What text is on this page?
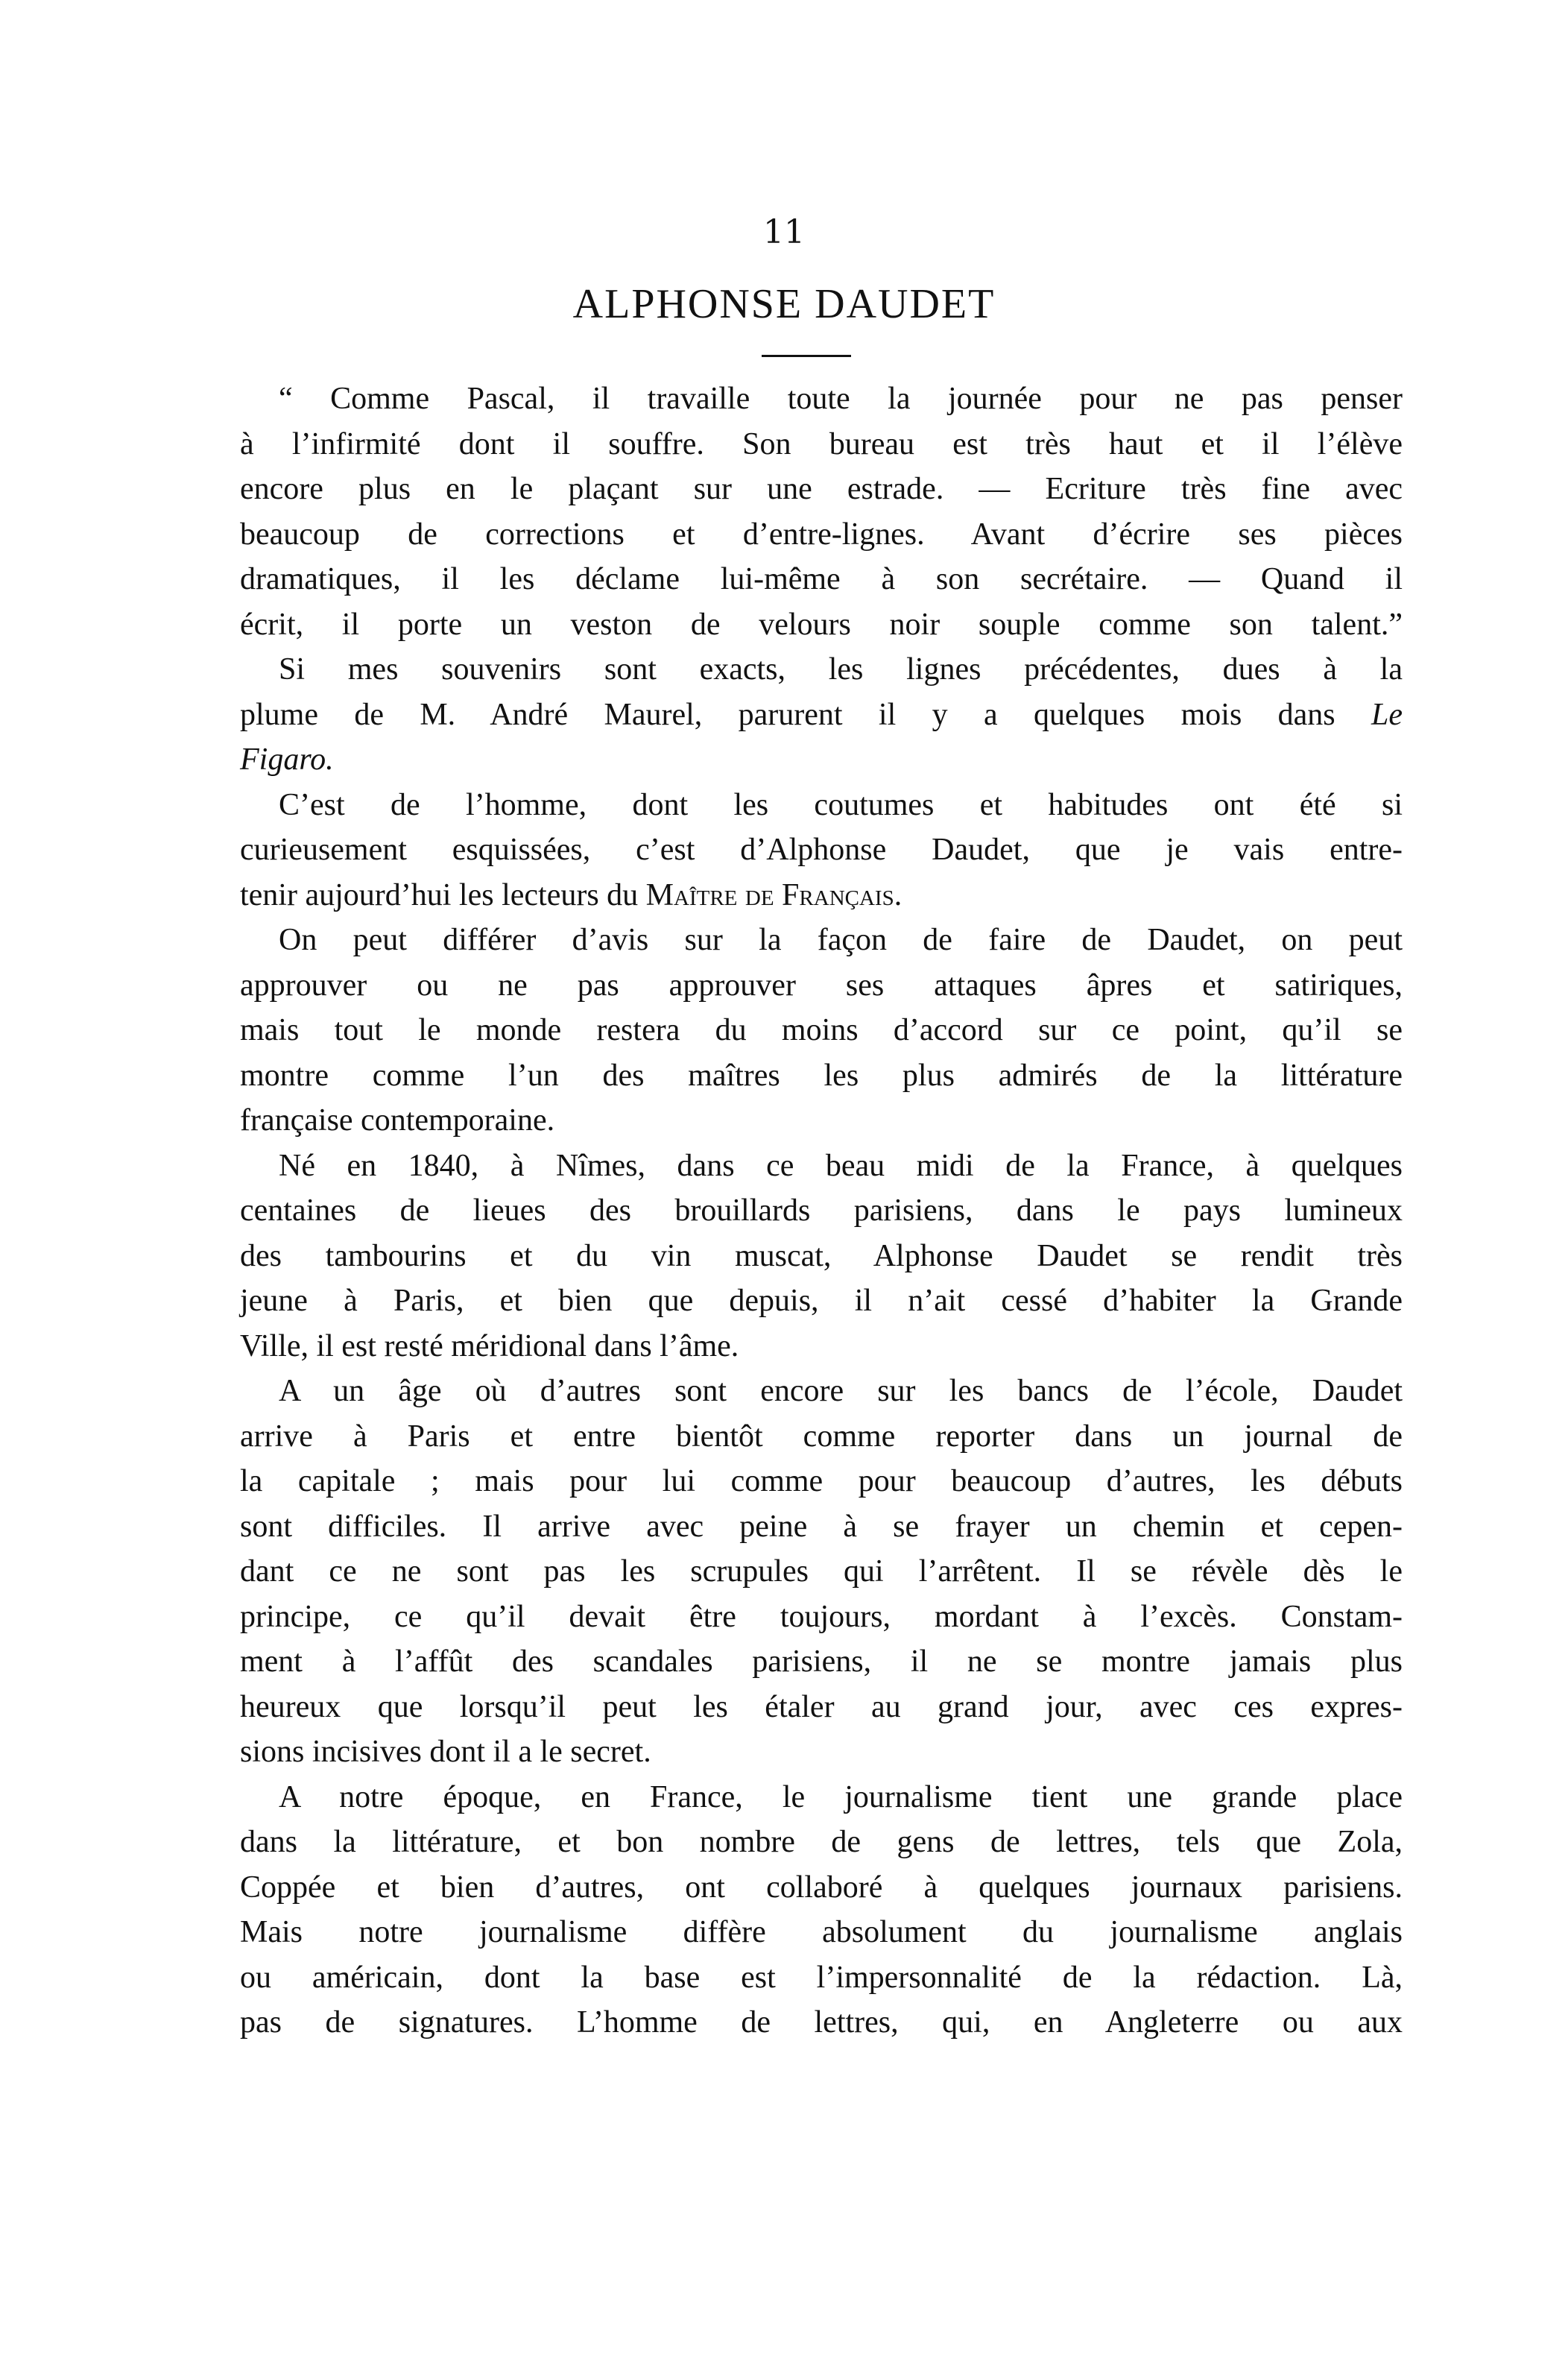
11
ALPHONSE DAUDET
“ Comme Pascal, il travaille toute la journée pour ne pas penser
à l’infirmité dont il souffre. Son bureau est très haut et il l’élève
encore plus en le plaçant sur une estrade. — Ecriture très fine avec
beaucoup de corrections et d’entre-lignes. Avant d’écrire ses pièces
dramatiques, il les déclame lui-même à son secrétaire. — Quand il
écrit, il porte un veston de velours noir souple comme son talent.”
Si mes souvenirs sont exacts, les lignes précédentes, dues à la
plume de M. André Maurel, parurent il y a quelques mois dans Le
Figaro.
C’est de l’homme, dont les coutumes et habitudes ont été si
curieusement esquissées, c’est d’Alphonse Daudet, que je vais entre-
tenir aujourd’hui les lecteurs du Maître de Français.
On peut différer d’avis sur la façon de faire de Daudet, on peut
approuver ou ne pas approuver ses attaques âpres et satiriques,
mais tout le monde restera du moins d’accord sur ce point, qu’il se
montre comme l’un des maîtres les plus admirés de la littérature
française contemporaine.
Né en 1840, à Nîmes, dans ce beau midi de la France, à quelques
centaines de lieues des brouillards parisiens, dans le pays lumineux
des tambourins et du vin muscat, Alphonse Daudet se rendit très
jeune à Paris, et bien que depuis, il n’ait cessé d’habiter la Grande
Ville, il est resté méridional dans l’âme.
A un âge où d’autres sont encore sur les bancs de l’école, Daudet
arrive à Paris et entre bientôt comme reporter dans un journal de
la capitale ; mais pour lui comme pour beaucoup d’autres, les débuts
sont difficiles. Il arrive avec peine à se frayer un chemin et cepen-
dant ce ne sont pas les scrupules qui l’arrêtent. Il se révèle dès le
principe, ce qu’il devait être toujours, mordant à l’excès. Constam-
ment à l’affût des scandales parisiens, il ne se montre jamais plus
heureux que lorsqu’il peut les étaler au grand jour, avec ces expres-
sions incisives dont il a le secret.
A notre époque, en France, le journalisme tient une grande place
dans la littérature, et bon nombre de gens de lettres, tels que Zola,
Coppée et bien d’autres, ont collaboré à quelques journaux parisiens.
Mais notre journalisme diffère absolument du journalisme anglais
ou américain, dont la base est l’impersonnalité de la rédaction. Là,
pas de signatures. L’homme de lettres, qui, en Angleterre ou aux
